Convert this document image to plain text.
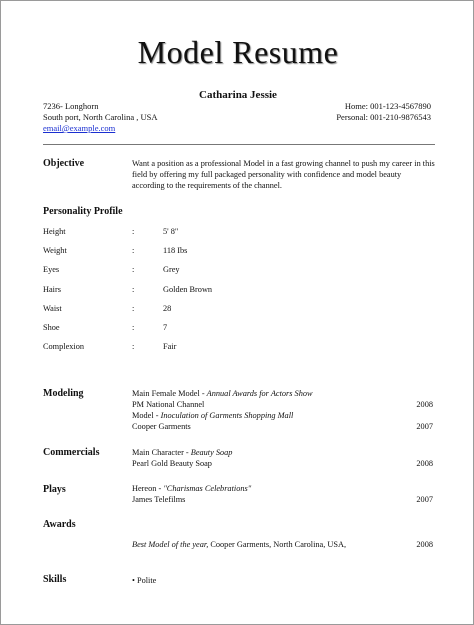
Model Resume
Catharina Jessie
7236- Longhorn
South port, North Carolina , USA
email@example.com
Home: 001-123-4567890
Personal: 001-210-9876543
Objective	Want a position as a professional Model in a fast growing channel to push my career in this field by offering my full packaged personality with confidence and model beauty according to the requirements of the channel.
Personality Profile
Height	:	5' 8"
Weight	:	118 Ibs
Eyes	:	Grey
Hairs	:	Golden Brown
Waist	:	28
Shoe	:	7
Complexion	:	Fair
Modeling	Main Female Model - Annual Awards for Actors Show
PM National Channel	2008
Model - Inoculation of Garments Shopping Mall
Cooper Garments	2007
Commercials	Main Character - Beauty Soap
Pearl Gold Beauty Soap	2008
Plays	Hereon - "Charismas Celebrations"
James Telefilms	2007
Awards
Best Model of the year, Cooper Garments, North Carolina, USA,	2008
Skills	• Polite
